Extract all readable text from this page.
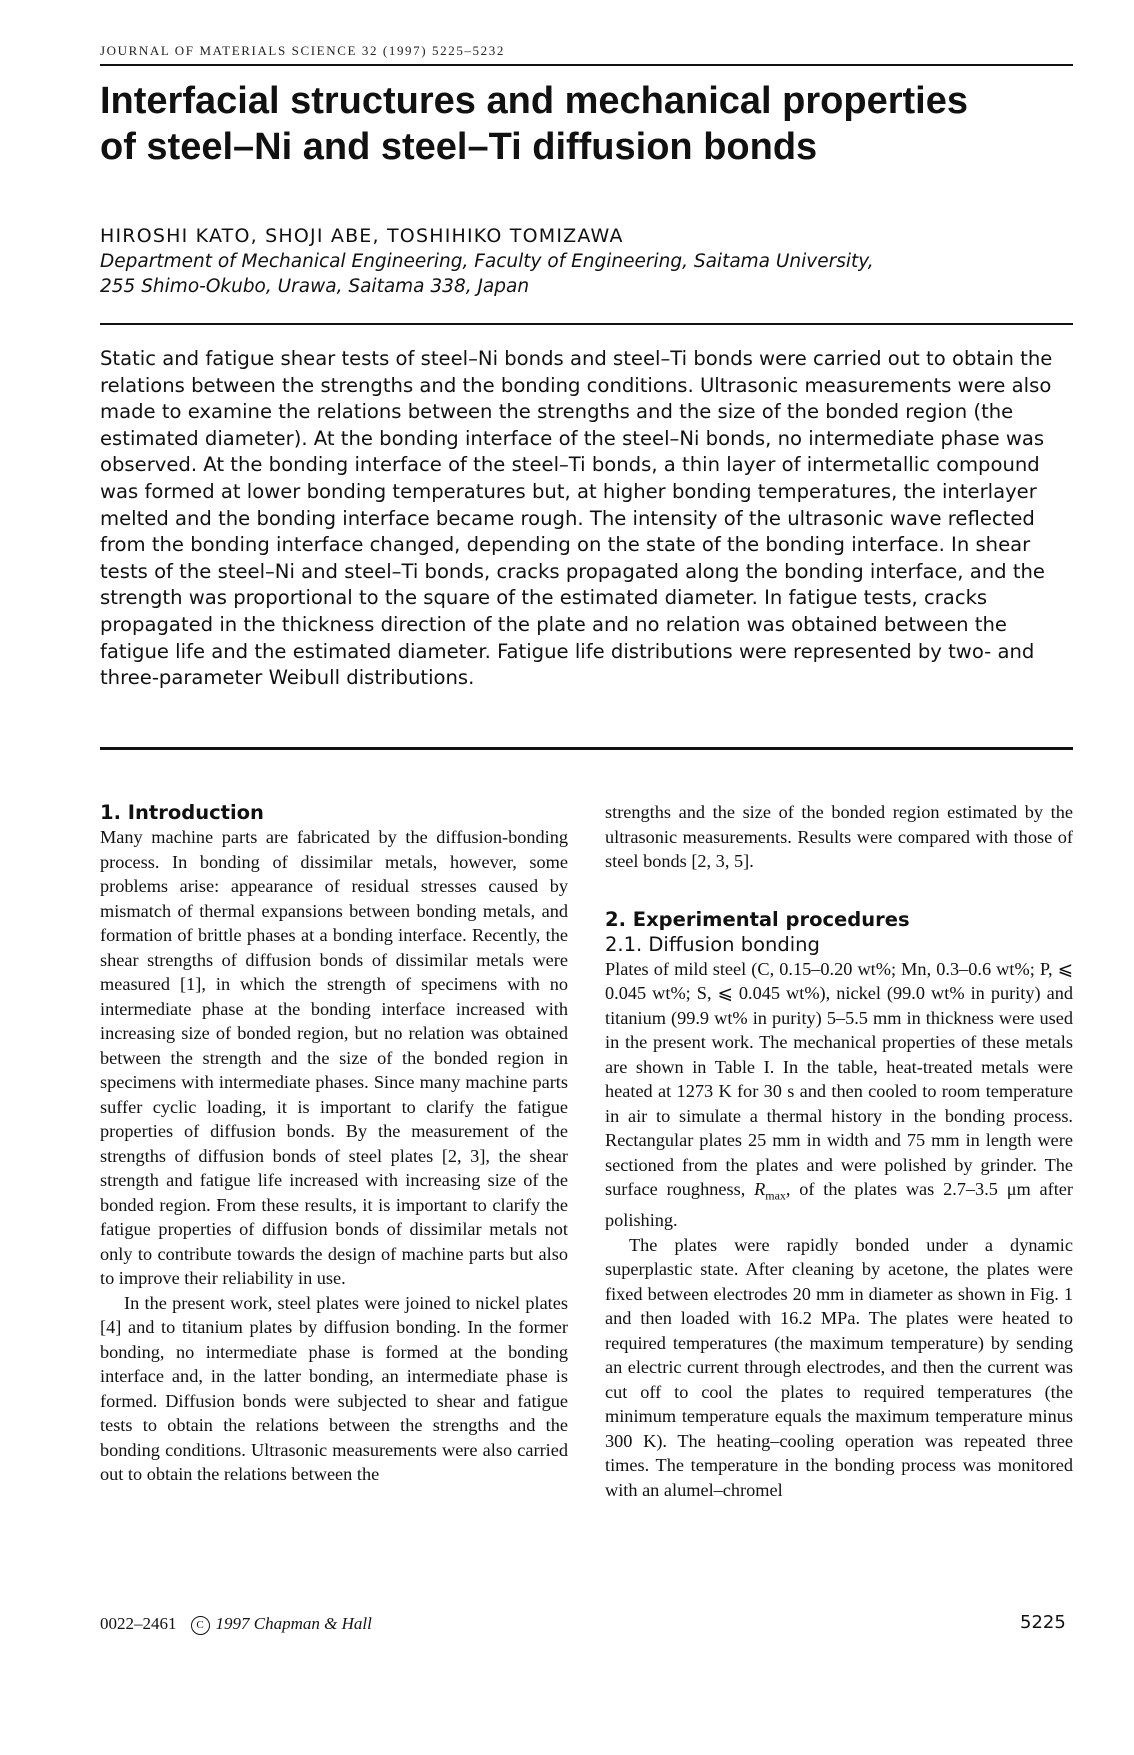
JOURNAL OF MATERIALS SCIENCE 32 (1997) 5225–5232
Interfacial structures and mechanical properties
of steel–Ni and steel–Ti diffusion bonds
HIROSHI KATO, SHOJI ABE, TOSHIHIKO TOMIZAWA
Department of Mechanical Engineering, Faculty of Engineering, Saitama University,
255 Shimo-Okubo, Urawa, Saitama 338, Japan

Static and fatigue shear tests of steel–Ni bonds and steel–Ti bonds were carried out to obtain the relations between the strengths and the bonding conditions. Ultrasonic measurements were also made to examine the relations between the strengths and the size of the bonded region (the estimated diameter). At the bonding interface of the steel–Ni bonds, no intermediate phase was observed. At the bonding interface of the steel–Ti bonds, a thin layer of intermetallic compound was formed at lower bonding temperatures but, at higher bonding temperatures, the interlayer melted and the bonding interface became rough. The intensity of the ultrasonic wave reflected from the bonding interface changed, depending on the state of the bonding interface. In shear tests of the steel–Ni and steel–Ti bonds, cracks propagated along the bonding interface, and the strength was proportional to the square of the estimated diameter. In fatigue tests, cracks propagated in the thickness direction of the plate and no relation was obtained between the fatigue life and the estimated diameter. Fatigue life distributions were represented by two- and three-parameter Weibull distributions.

1. Introduction

Many machine parts are fabricated by the diffusion-bonding process. In bonding of dissimilar metals, however, some problems arise: appearance of residual stresses caused by mismatch of thermal expansions between bonding metals, and formation of brittle phases at a bonding interface. Recently, the shear strengths of diffusion bonds of dissimilar metals were measured [1], in which the strength of specimens with no intermediate phase at the bonding interface increased with increasing size of bonded region, but no relation was obtained between the strength and the size of the bonded region in specimens with intermediate phases. Since many machine parts suffer cyclic loading, it is important to clarify the fatigue properties of diffusion bonds. By the measurement of the strengths of diffusion bonds of steel plates [2, 3], the shear strength and fatigue life increased with increasing size of the bonded region. From these results, it is important to clarify the fatigue properties of diffusion bonds of dissimilar metals not only to contribute towards the design of machine parts but also to improve their reliability in use.

In the present work, steel plates were joined to nickel plates [4] and to titanium plates by diffusion bonding. In the former bonding, no intermediate phase is formed at the bonding interface and, in the latter bonding, an intermediate phase is formed. Diffusion bonds were subjected to shear and fatigue tests to obtain the relations between the strengths and the bonding conditions. Ultrasonic measurements were also carried out to obtain the relations between the

strengths and the size of the bonded region estimated by the ultrasonic measurements. Results were compared with those of steel bonds [2, 3, 5].

2. Experimental procedures
2.1. Diffusion bonding

Plates of mild steel (C, 0.15–0.20 wt%; Mn, 0.3–0.6 wt%; P, ⩽ 0.045 wt%; S, ⩽ 0.045 wt%), nickel (99.0 wt% in purity) and titanium (99.9 wt% in purity) 5–5.5 mm in thickness were used in the present work. The mechanical properties of these metals are shown in Table I. In the table, heat-treated metals were heated at 1273 K for 30 s and then cooled to room temperature in air to simulate a thermal history in the bonding process. Rectangular plates 25 mm in width and 75 mm in length were sectioned from the plates and were polished by grinder. The surface roughness, $R_{max}$, of the plates was 2.7–3.5 μm after polishing.

The plates were rapidly bonded under a dynamic superplastic state. After cleaning by acetone, the plates were fixed between electrodes 20 mm in diameter as shown in Fig. 1 and then loaded with 16.2 MPa. The plates were heated to required temperatures (the maximum temperature) by sending an electric current through electrodes, and then the current was cut off to cool the plates to required temperatures (the minimum temperature equals the maximum temperature minus 300 K). The heating–cooling operation was repeated three times. The temperature in the bonding process was monitored with an alumel–chromel

0022–2461 C 1997 Chapman & Hall	5225
